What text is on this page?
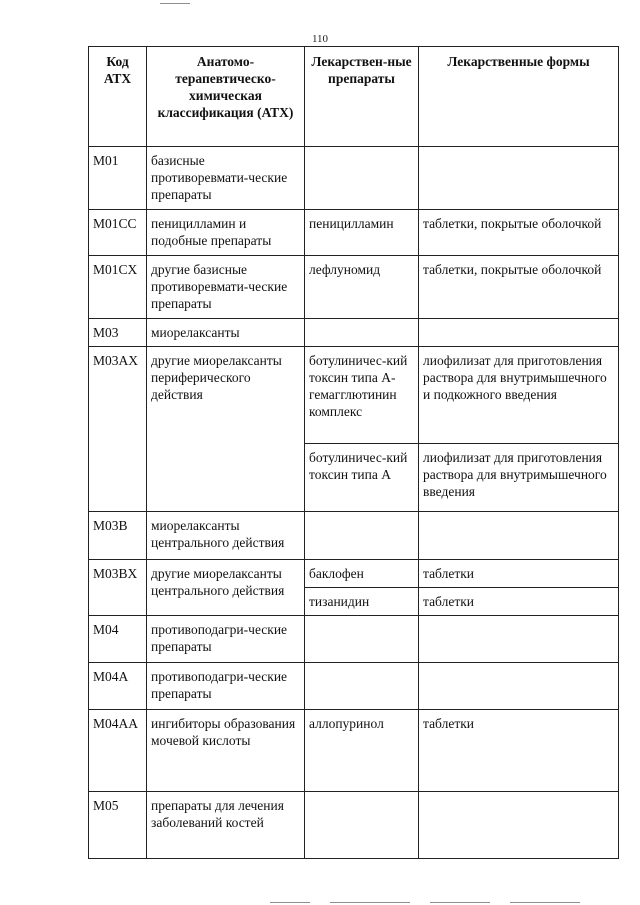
110
Код АТХ	Анатомо-терапевтическо-химическая классификация (АТХ)	Лекарствен-ные препараты	Лекарственные формы
M01	базисные противоревмати-ческие препараты		
M01CC	пеницилламин и подобные препараты	пеницилламин	таблетки, покрытые оболочкой
M01CX	другие базисные противоревмати-ческие препараты	лефлуномид	таблетки, покрытые оболочкой
M03	миорелаксанты		
M03AX	другие миорелаксанты периферического действия	ботулиничес-кий токсин типа А-гемагглютинин комплекс	лиофилизат для приготовления раствора для внутримышечного и подкожного введения
		ботулиничес-кий токсин типа А	лиофилизат для приготовления раствора для внутримышечного введения
M03B	миорелаксанты центрального действия		
M03BX	другие миорелаксанты центрального действия	баклофен	таблетки
		тизанидин	таблетки
M04	противоподагри-ческие препараты		
M04A	противоподагри-ческие препараты		
M04AA	ингибиторы образования мочевой кислоты	аллопуринол	таблетки
M05	препараты для лечения заболеваний костей		
